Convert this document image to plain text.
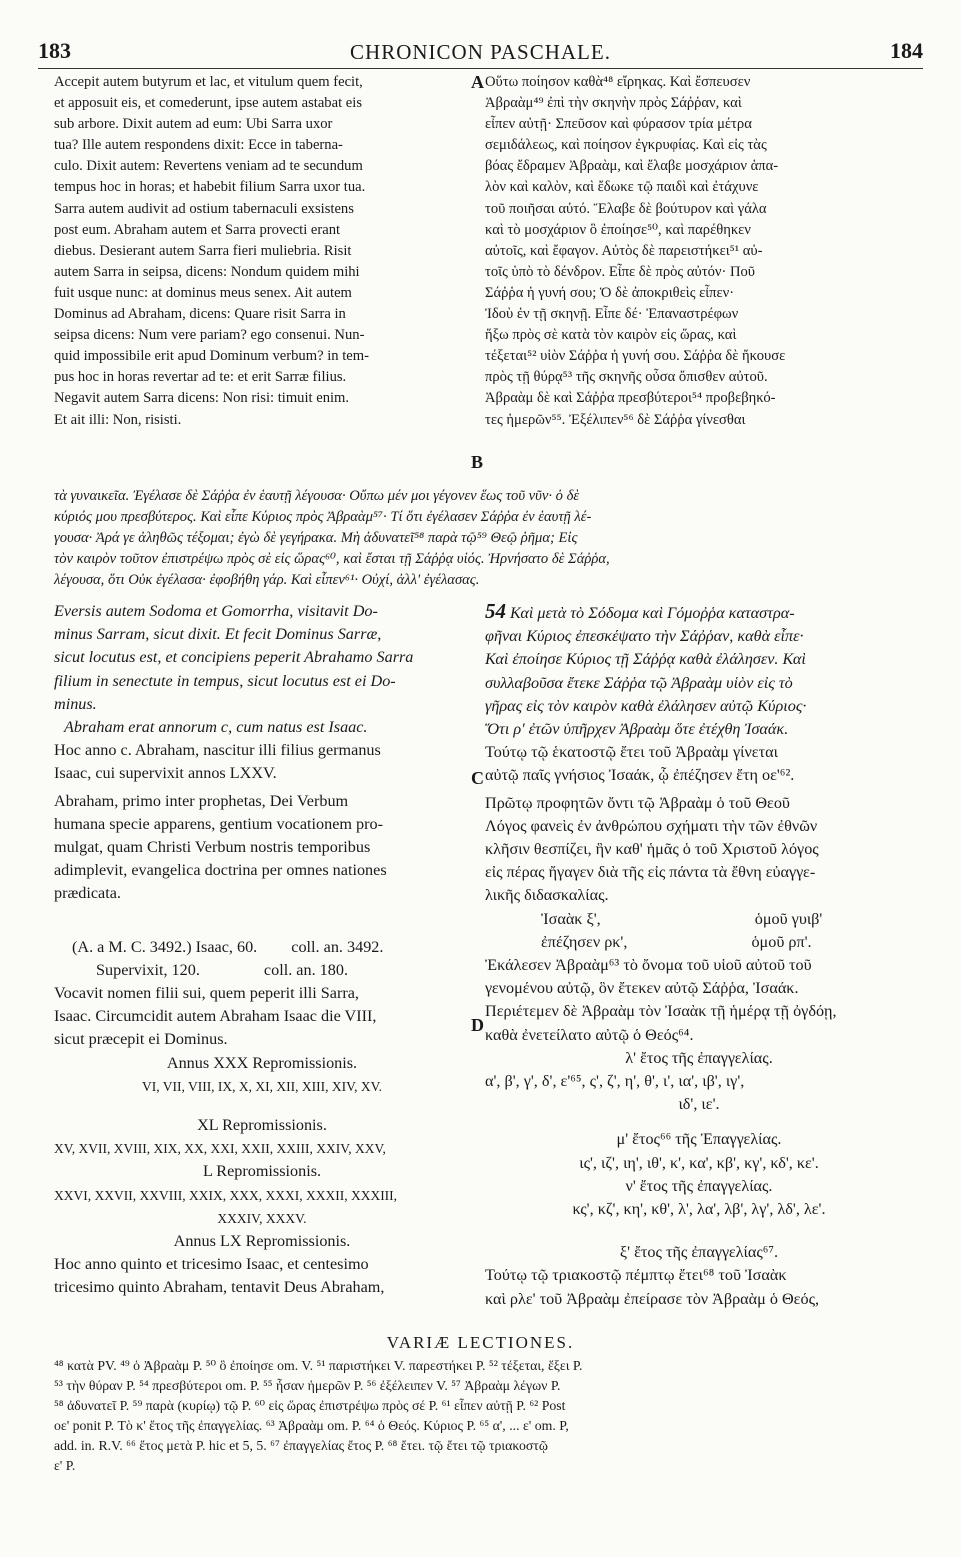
183	CHRONICON PASCHALE.	184
A
B
C
D
Accepit autem butyrum et lac, et vitulum quem fecit,
et apposuit eis, et comederunt, ipse autem astabat eis
sub arbore. Dixit autem ad eum: Ubi Sarra uxor
tua? Ille autem respondens dixit: Ecce in taberna-
culo. Dixit autem: Revertens veniam ad te secundum
tempus hoc in horas; et habebit filium Sarra uxor tua.
Sarra autem audivit ad ostium tabernaculi exsistens
post eum. Abraham autem et Sarra provecti erant
diebus. Desierant autem Sarra fieri muliebria. Risit
autem Sarra in seipsa, dicens: Nondum quidem mihi
fuit usque nunc: at dominus meus senex. Ait autem
Dominus ad Abraham, dicens: Quare risit Sarra in
seipsa dicens: Num vere pariam? ego consenui. Nun-
quid impossibile erit apud Dominum verbum? in tem-
pus hoc in horas revertar ad te: et erit Sarræ filius.
Negavit autem Sarra dicens: Non risi: timuit enim.
Et ait illi: Non, risisti.
Οὕτω ποίησον καθὰ⁴⁸ εἴρηκας. Καὶ ἔσπευσεν
Ἀβραὰμ⁴⁹ ἐπὶ τὴν σκηνὴν πρὸς Σάῤῥαν, καὶ
εἶπεν αὐτῇ· Σπεῦσον καὶ φύρασον τρία μέτρα
σεμιδάλεως, καὶ ποίησον ἐγκρυφίας. Καὶ εἰς τὰς
βόας ἔδραμεν Ἀβραὰμ, καὶ ἔλαβε μοσχάριον ἁπα-
λὸν καὶ καλὸν, καὶ ἔδωκε τῷ παιδὶ καὶ ἐτάχυνε
τοῦ ποιῆσαι αὐτό. Ἔλαβε δὲ βούτυρον καὶ γάλα
καὶ τὸ μοσχάριον ὃ ἐποίησε⁵⁰, καὶ παρέθηκεν
αὐτοῖς, καὶ ἔφαγον. Αὐτὸς δὲ παρειστήκει⁵¹ αὐ-
τοῖς ὑπὸ τὸ δένδρον. Εἶπε δὲ πρὸς αὐτόν· Ποῦ
Σάῤῥα ἡ γυνή σου; Ὁ δὲ ἀποκριθεὶς εἶπεν·
Ἰδοὺ ἐν τῇ σκηνῇ. Εἶπε δέ· Ἐπαναστρέφων
ἥξω πρὸς σὲ κατὰ τὸν καιρὸν εἰς ὥρας, καὶ
τέξεται⁵² υἱὸν Σάῤῥα ἡ γυνή σου. Σάῤῥα δὲ ἤκουσε
πρὸς τῇ θύρᾳ⁵³ τῆς σκηνῆς οὖσα ὄπισθεν αὐτοῦ.
Ἀβραὰμ δὲ καὶ Σάῤῥα πρεσβύτεροι⁵⁴ προβεβηκό-
τες ἡμερῶν⁵⁵. Ἐξέλιπεν⁵⁶ δὲ Σάῤῥα γίνεσθαι
τὰ γυναικεῖα. Ἐγέλασε δὲ Σάῤῥα ἐν ἑαυτῇ λέγουσα· Οὔπω μέν μοι γέγονεν ἕως τοῦ νῦν· ὁ δὲ
κύριός μου πρεσβύτερος. Καὶ εἶπε Κύριος πρὸς Ἀβραὰμ⁵⁷· Τί ὅτι ἐγέλασεν Σάῤῥα ἐν ἑαυτῇ λέ-
γουσα· Ἀρά γε ἀληθῶς τέξομαι; ἐγὼ δὲ γεγήρακα. Μὴ ἀδυνατεῖ⁵⁸ παρὰ τῷ⁵⁹ Θεῷ ῥῆμα; Εἰς
τὸν καιρὸν τοῦτον ἐπιστρέψω πρὸς σὲ εἰς ὥρας⁶⁰, καὶ ἔσται τῇ Σάῤῥᾳ υἱός. Ἠρνήσατο δὲ Σάῤῥα,
λέγουσα, ὅτι Οὐκ ἐγέλασα· ἐφοβήθη γάρ. Καὶ εἶπεν⁶¹· Οὐχί, ἀλλ' ἐγέλασας.
Eversis autem Sodoma et Gomorrha, visitavit Do-
minus Sarram, sicut dixit. Et fecit Dominus Sarræ,
sicut locutus est, et concipiens peperit Abrahamo Sarra
filium in senectute in tempus, sicut locutus est ei Do-
minus.
Abraham erat annorum c, cum natus est Isaac.
Hoc anno c. Abraham, nascitur illi filius germanus
Isaac, cui supervixit annos LXXV.
Abraham, primo inter prophetas, Dei Verbum
humana specie apparens, gentium vocationem pro-
mulgat, quam Christi Verbum nostris temporibus
adimplevit, evangelica doctrina per omnes nationes
prædicata.
(A. a M. C. 3492.) Isaac, 60. coll. an. 3492.
Supervixit, 120.	coll. an. 180.
Vocavit nomen filii sui, quem peperit illi Sarra,
Isaac. Circumcidit autem Abraham Isaac die VIII,
sicut præcepit ei Dominus.
Annus XXX Repromissionis.
VI, VII, VIII, IX, X, XI, XII, XIII, XIV, XV.
XL Repromissionis.
XV, XVII, XVIII, XIX, XX, XXI, XXII, XXIII, XXIV, XXV,
L Repromissionis.
XXVI, XXVII, XXVIII, XXIX, XXX, XXXI, XXXII, XXXIII,
XXXIV, XXXV.
Annus LX Repromissionis.
Hoc anno quinto et tricesimo Isaac, et centesimo
tricesimo quinto Abraham, tentavit Deus Abraham,
54 Καὶ μετὰ τὸ Σόδομα καὶ Γόμοῤῥα καταστρα-
φῆναι Κύριος ἐπεσκέψατο τὴν Σάῤῥαν, καθὰ εἶπε·
Καὶ ἐποίησε Κύριος τῇ Σάῤῥᾳ καθὰ ἐλάλησεν. Καὶ
συλλαβοῦσα ἔτεκε Σάῤῥα τῷ Ἀβραὰμ υἱὸν εἰς τὸ
γῆρας εἰς τὸν καιρὸν καθὰ ἐλάλησεν αὐτῷ Κύριος·
Ὅτι ρ' ἐτῶν ὑπῆρχεν Ἀβραὰμ ὅτε ἐτέχθη Ἰσαάκ.
Τούτῳ τῷ ἑκατοστῷ ἔτει τοῦ Ἀβραὰμ γίνεται
αὐτῷ παῖς γνήσιος Ἰσαάκ, ᾧ ἐπέζησεν ἔτη οε'⁶².
Πρῶτῳ προφητῶν ὄντι τῷ Ἀβραὰμ ὁ τοῦ Θεοῦ
Λόγος φανεὶς ἐν ἀνθρώπου σχήματι τὴν τῶν ἐθνῶν
κλῆσιν θεσπίζει, ἣν καθ' ἡμᾶς ὁ τοῦ Χριστοῦ λόγος
εἰς πέρας ἤγαγεν διὰ τῆς εἰς πάντα τὰ ἔθνη εὐαγγε-
λικῆς διδασκαλίας.
Ἰσαὰκ ξ',	ὁμοῦ γυιβ'
ἐπέζησεν ρκ',	ὁμοῦ ρπ'.
Ἐκάλεσεν Ἀβραὰμ⁶³ τὸ ὄνομα τοῦ υἱοῦ αὐτοῦ τοῦ
γενομένου αὐτῷ, ὃν ἔτεκεν αὐτῷ Σάῤῥα, Ἰσαάκ.
Περιέτεμεν δὲ Ἀβραὰμ τὸν Ἰσαὰκ τῇ ἡμέρᾳ τῇ ὀγδόῃ,
καθὰ ἐνετείλατο αὐτῷ ὁ Θεός⁶⁴.
λ' ἔτος τῆς ἐπαγγελίας.
α', β', γ', δ', ε'⁶⁵, ς', ζ', η', θ', ι', ια', ιβ', ιγ',
ιδ', ιε'.
μ' ἔτος⁶⁶ τῆς Ἐπαγγελίας.
ις', ιζ', ιη', ιθ', κ', κα', κβ', κγ', κδ', κε'.
ν' ἔτος τῆς ἐπαγγελίας.
κς', κζ', κη', κθ', λ', λα', λβ', λγ', λδ', λε'.
ξ' ἔτος τῆς ἐπαγγελίας⁶⁷.
Τούτῳ τῷ τριακοστῷ πέμπτῳ ἔτει⁶⁸ τοῦ Ἰσαὰκ
καὶ ρλε' τοῦ Ἀβραὰμ ἐπείρασε τὸν Ἀβραὰμ ὁ Θεός,
VARIÆ LECTIONES.
⁴⁸ κατὰ PV. ⁴⁹ ὁ Ἀβραὰμ P. ⁵⁰ ὃ ἐποίησε om. V. ⁵¹ παριστήκει V. παρεστήκει P. ⁵² τέξεται, ἕξει P.
⁵³ τὴν θύραν P. ⁵⁴ πρεσβύτεροι om. P. ⁵⁵ ἦσαν ἡμερῶν P. ⁵⁶ ἐξέλειπεν V. ⁵⁷ Ἀβραὰμ λέγων P.
⁵⁸ ἀδυνατεῖ P. ⁵⁹ παρὰ (κυρίῳ) τῷ P. ⁶⁰ εἰς ὥρας ἐπιστρέψω πρὸς σέ P. ⁶¹ εἶπεν αὐτῇ P. ⁶² Post
οε' ponit P. Τὸ κ' ἔτος τῆς ἐπαγγελίας. ⁶³ Ἀβραὰμ om. P. ⁶⁴ ὁ Θεός. Κύριος P. ⁶⁵ α', ... ε' om. P,
add. in. R.V. ⁶⁶ ἔτος μετὰ P. hic et 5, 5. ⁶⁷ ἐπαγγελίας ἔτος P. ⁶⁸ ἔτει. τῷ ἔτει τῷ τριακοστῷ
ε' P.
